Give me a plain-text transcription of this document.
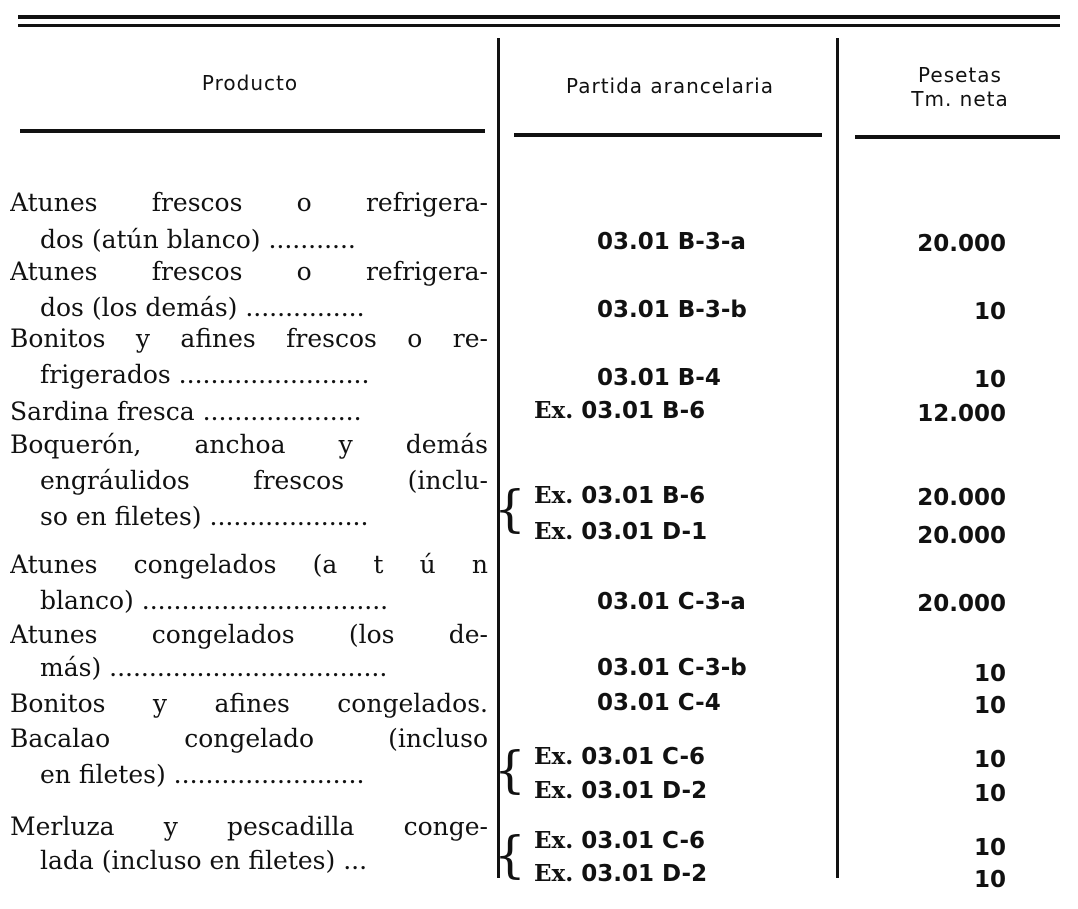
Producto	Partida arancelaria	Pesetas
Tm. neta
Atunes frescos o refrigera-
dos (atún blanco) ...........	03.01 B-3-a	20.000
Atunes frescos o refrigera-
dos (los demás) ...............	03.01 B-3-b	10
Bonitos y afines frescos o re-
frigerados ........................	03.01 B-4	10
Sardina fresca ....................	Ex. 03.01 B-6	12.000
Boquerón, anchoa y demás
engráulidos frescos (inclu-
so en filetes) ....................	{ Ex. 03.01 B-6	20.000
Ex. 03.01 D-1	20.000
Atunes congelados (a t ú n
blanco) ...............................	03.01 C-3-a	20.000
Atunes congelados (los de-
más) ...................................	03.01 C-3-b	10
Bonitos y afines congelados.	03.01 C-4	10
Bacalao congelado (incluso
en filetes) ........................	{ Ex. 03.01 C-6	10
Ex. 03.01 D-2	10
Merluza y pescadilla conge-
lada (incluso en filetes) ...	{ Ex. 03.01 C-6	10
Ex. 03.01 D-2	10
